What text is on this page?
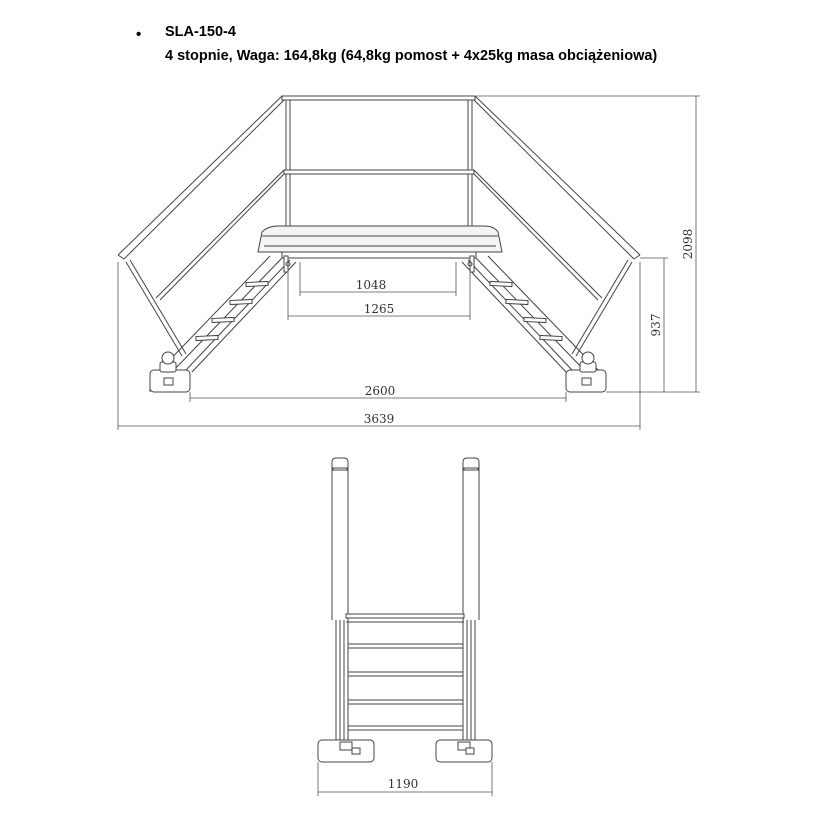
• SLA-150-4
4 stopnie, Waga: 164,8kg (64,8kg pomost + 4x25kg masa obciążeniowa)
1048
1265
2600
3639
937
2098
1190
